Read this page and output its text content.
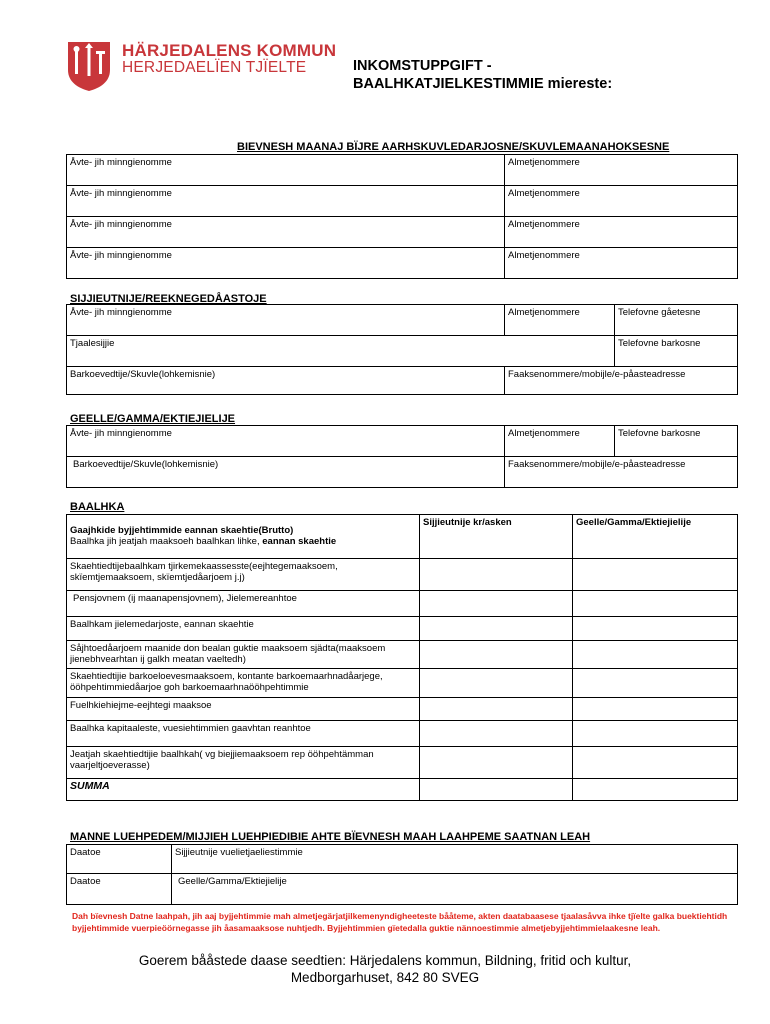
HÄRJEDALENS KOMMUN
HERJEDAELÏEN TJÏELTE	INKOMSTUPPGIFT -
BAALHKATJIELKESTIMMIE miereste:
BIEVNESH MAANAJ BÏJRE AARHSKUVLEDARJOSNE/SKUVLEMAANAHOKSESNE
Åvte- jih minngienomme	Almetjenommere
Åvte- jih minngienomme	Almetjenommere
Åvte- jih minngienomme	Almetjenommere
Åvte- jih minngienomme	Almetjenommere
SIJJIEUTNIJE/REEKNEGEDÅASTOJE
Åvte- jih minngienomme	Almetjenommere	Telefovne gåetesne
Tjaalesijjie		Telefovne barkosne
Barkoevedtije/Skuvle(lohkemisnie)	Faaksenommere/mobijle/e-påasteadresse	
GEELLE/GAMMA/EKTIEJIELIJE
Åvte- jih minngienomme	Almetjenommere	Telefovne barkosne
Barkoevedtije/Skuvle(lohkemisnie)	Faaksenommere/mobijle/e-påasteadresse	
BAALHKA
Gaajhkide byjjehtimmide eannan skaehtie(Brutto)
Baalhka jih jeatjah maaksoeh baalhkan lihke, eannan skaehtie	Sijjieutnije kr/asken	Geelle/Gamma/Ektiejielije
Skaehtiedtijebaalhkam tjirkemekaassesste(eejhtegemaaksoem, skïemtjemaaksoem, skïemtjedåarjoem j.j)		
Pensjovnem (ij maanapensjovnem), Jielemereanhtoe		
Baalhkam jielemedarjoste, eannan skaehtie		
Såjhtoedåarjoem maanide don bealan guktie maaksoem sjädta(maaksoem jienebhvearhtan ij galkh meatan vaeltedh)		
Skaehtiedtijie barkoeloevesmaaksoem, kontante barkoemaarhnadåarjege, ööhpehtimmiedåarjoe goh barkoemaarhnaööhpehtimmie		
Fuelhkiehiejme-eejhtegi maaksoe		
Baalhka kapitaaleste, vuesiehtimmien gaavhtan reanhtoe		
Jeatjah skaehtiedtijie baalhkah( vg biejjiemaaksoem rep ööhpehtämman vaarjeltjoeverasse)		
SUMMA		
MANNE LUEHPEDEM/MIJJIEH LUEHPIEDIBIE AHTE BÏEVNESH MAAH LAAHPEME SAATNAN LEAH
Daatoe	Sijjieutnije vuelietjaeliestimmie
Daatoe	Geelle/Gamma/Ektiejielije
Dah bïevnesh Datne laahpah, jih aaj byjjehtimmie mah almetjegärjatjilkemenyndigheeteste bååteme, akten daatabaasese tjaalasåvva ihke tjïelte galka buektiehtidh byjjehtimmide vuerpieöörnegasse jih åasamaaksose nuhtjedh. Byjjehtimmien gïetedalla guktie nännoestimmie almetjebyjjehtimmielaakesne leah.
Goerem bååstede daase seedtien: Härjedalens kommun, Bildning, fritid och kultur,
Medborgarhuset, 842 80 SVEG
